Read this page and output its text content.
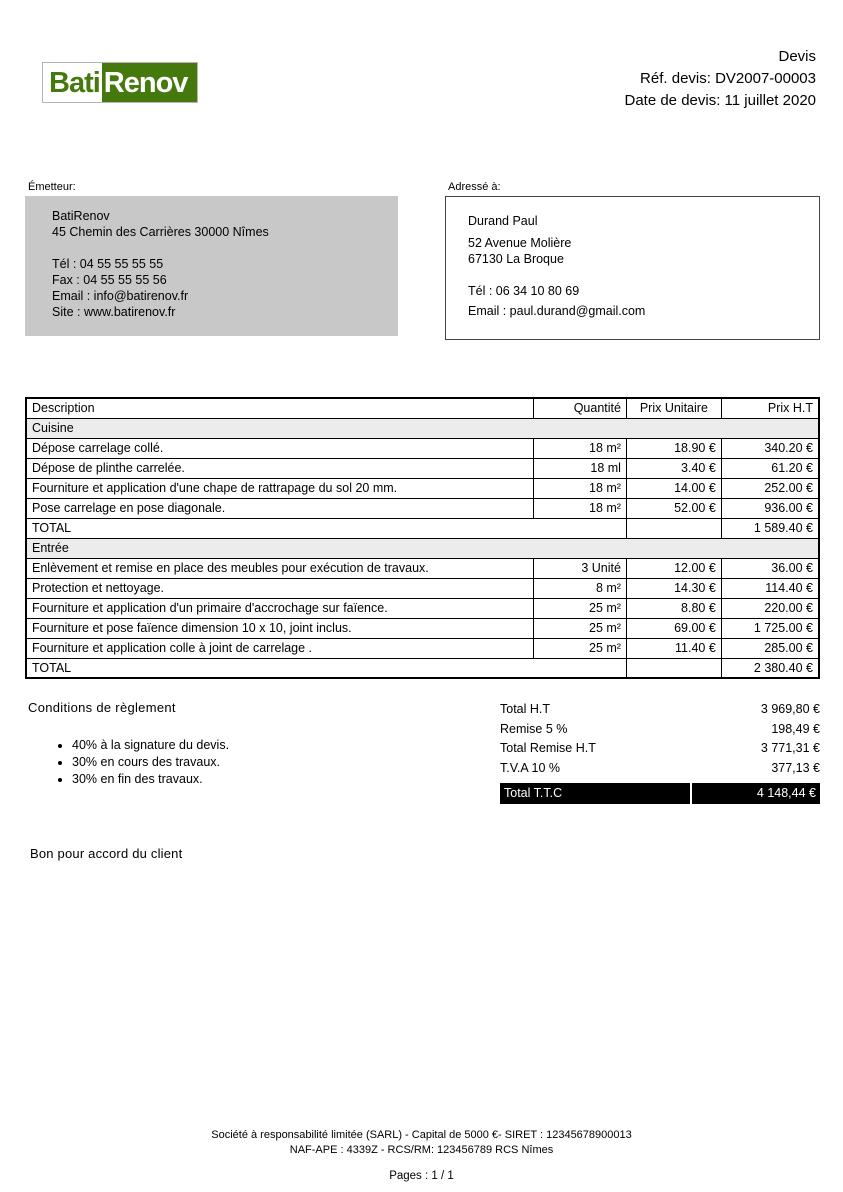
Bati Renov
Devis
Réf. devis: DV2007-00003
Date de devis: 11 juillet 2020
Émetteur:
BatiRenov
45 Chemin des Carrières 30000 Nîmes
Tél : 04 55 55 55 55
Fax : 04 55 55 55 56
Email : info@batirenov.fr
Site : www.batirenov.fr
Adressé à:
Durand Paul
52 Avenue Molière
67130 La Broque
Tél : 06 34 10 80 69
Email : paul.durand@gmail.com
Description	Quantité	Prix Unitaire	Prix H.T
Cuisine			
Dépose carrelage collé.	18 m²	18.90 €	340.20 €
Dépose de plinthe carrelée.	18 ml	3.40 €	61.20 €
Fourniture et application d'une chape de rattrapage du sol 20 mm.	18 m²	14.00 €	252.00 €
Pose carrelage en pose diagonale.	18 m²	52.00 €	936.00 €
TOTAL			1 589.40 €
Entrée			
Enlèvement et remise en place des meubles pour exécution de travaux.	3 Unité	12.00 €	36.00 €
Protection et nettoyage.	8 m²	14.30 €	114.40 €
Fourniture et application d'un primaire d'accrochage sur faïence.	25 m²	8.80 €	220.00 €
Fourniture et pose faïence dimension 10 x 10, joint inclus.	25 m²	69.00 €	1 725.00 €
Fourniture et application colle à joint de carrelage .	25 m²	11.40 €	285.00 €
TOTAL			2 380.40 €
Conditions de règlement
• 40% à la signature du devis.
• 30% en cours des travaux.
• 30% en fin des travaux.
Total H.T	3 969,80 €
Remise 5 %	198,49 €
Total Remise H.T	3 771,31 €
T.V.A 10 %	377,13 €
Total T.T.C	4 148,44 €
Bon pour accord du client
Société à responsabilité limitée (SARL) - Capital de 5000 €- SIRET : 12345678900013
NAF-APE : 4339Z - RCS/RM: 123456789 RCS Nîmes
Pages : 1 / 1
